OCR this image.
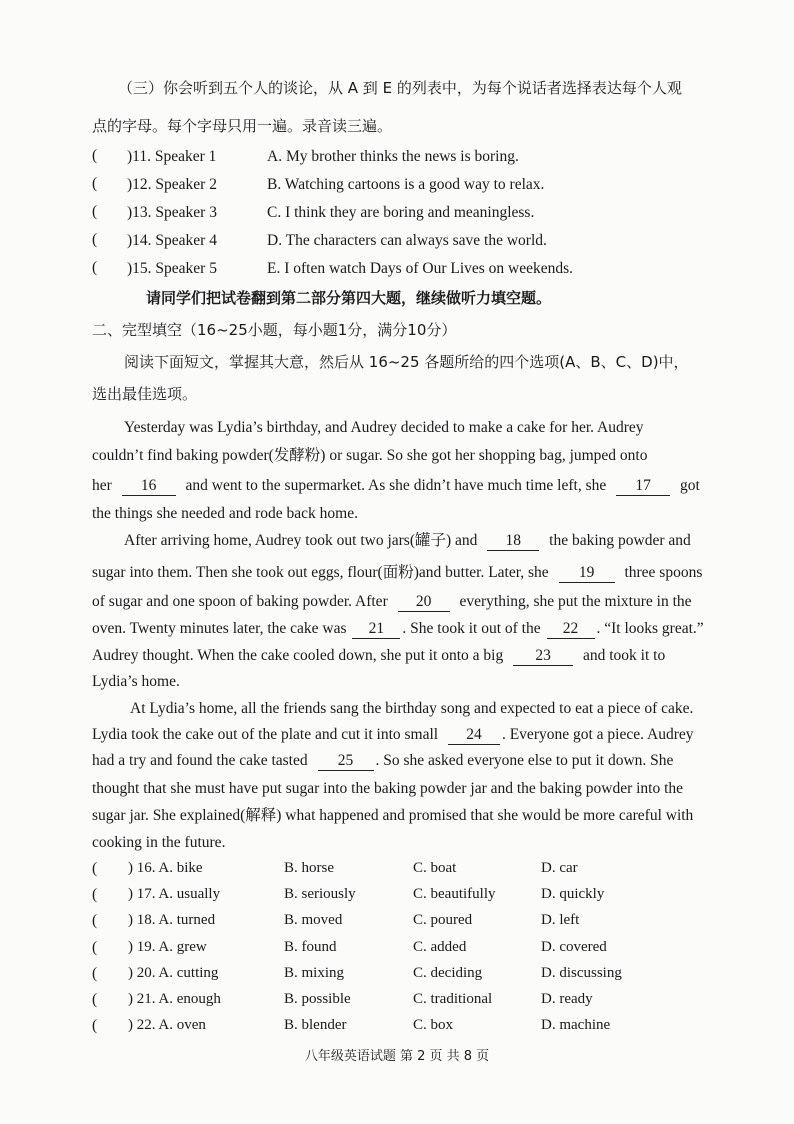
（三）你会听到五个人的谈论，从 A 到 E 的列表中，为每个说话者选择表达每个人观
点的字母。每个字母只用一遍。录音读三遍。
( )11. Speaker 1	A. My brother thinks the news is boring.
( )12. Speaker 2	B. Watching cartoons is a good way to relax.
( )13. Speaker 3	C. I think they are boring and meaningless.
( )14. Speaker 4	D. The characters can always save the world.
( )15. Speaker 5	E. I often watch Days of Our Lives on weekends.
请同学们把试卷翻到第二部分第四大题，继续做听力填空题。
二、完型填空（16~25小题，每小题1分，满分10分）
阅读下面短文，掌握其大意，然后从 16~25 各题所给的四个选项(A、B、C、D)中，
选出最佳选项。
Yesterday was Lydia’s birthday, and Audrey decided to make a cake for her. Audrey
couldn’t find baking powder(发酵粉) or sugar. So she got her shopping bag, jumped onto
her 16 and went to the supermarket. As she didn’t have much time left, she 17 got
the things she needed and rode back home.
After arriving home, Audrey took out two jars(罐子) and 18 the baking powder and
sugar into them. Then she took out eggs, flour(面粉)and butter. Later, she 19 three spoons
of sugar and one spoon of baking powder. After 20 everything, she put the mixture in the
oven. Twenty minutes later, the cake was 21 . She took it out of the 22 . “It looks great.”
Audrey thought. When the cake cooled down, she put it onto a big 23 and took it to
Lydia’s home.
At Lydia’s home, all the friends sang the birthday song and expected to eat a piece of cake.
Lydia took the cake out of the plate and cut it into small 24 . Everyone got a piece. Audrey
had a try and found the cake tasted 25 . So she asked everyone else to put it down. She
thought that she must have put sugar into the baking powder jar and the baking powder into the
sugar jar. She explained(解释) what happened and promised that she would be more careful with
cooking in the future.
( ) 16. A. bike	B. horse	C. boat	D. car
( ) 17. A. usually	B. seriously	C. beautifully	D. quickly
( ) 18. A. turned	B. moved	C. poured	D. left
( ) 19. A. grew	B. found	C. added	D. covered
( ) 20. A. cutting	B. mixing	C. deciding	D. discussing
( ) 21. A. enough	B. possible	C. traditional	D. ready
( ) 22. A. oven	B. blender	C. box	D. machine
八年级英语试题 第 2 页 共 8 页
